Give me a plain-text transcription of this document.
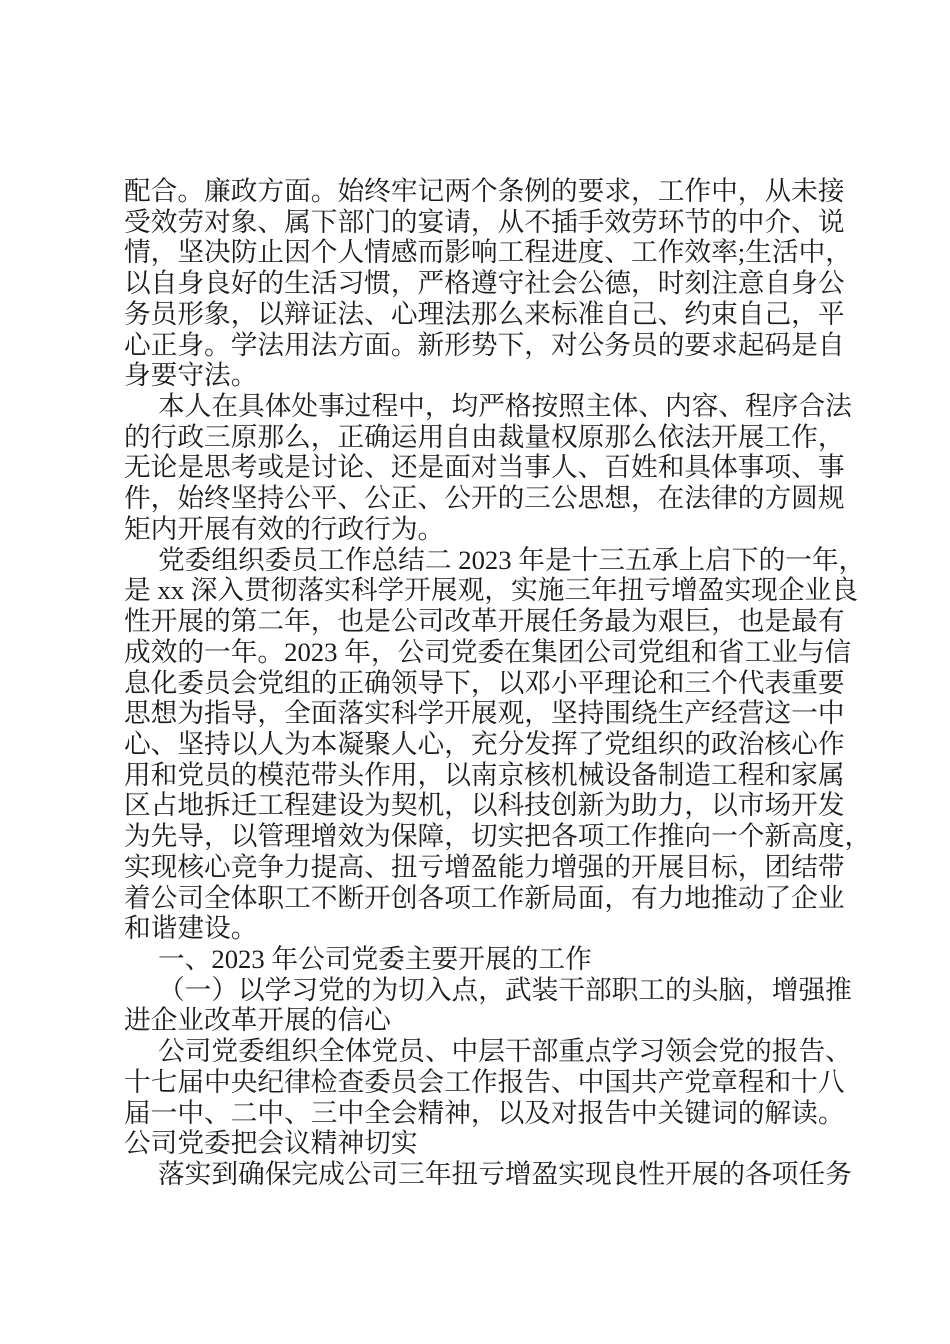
配合。廉政方面。始终牢记两个条例的要求，工作中，从未接
受效劳对象、属下部门的宴请，从不插手效劳环节的中介、说
情，坚决防止因个人情感而影响工程进度、工作效率;生活中，
以自身良好的生活习惯，严格遵守社会公德，时刻注意自身公
务员形象，以辩证法、心理法那么来标准自己、约束自己，平
心正身。学法用法方面。新形势下，对公务员的要求起码是自
身要守法。
本人在具体处事过程中，均严格按照主体、内容、程序合法
的行政三原那么，正确运用自由裁量权原那么依法开展工作，
无论是思考或是讨论、还是面对当事人、百姓和具体事项、事
件，始终坚持公平、公正、公开的三公思想，在法律的方圆规
矩内开展有效的行政行为。
党委组织委员工作总结二 2023 年是十三五承上启下的一年，
是 xx 深入贯彻落实科学开展观，实施三年扭亏增盈实现企业良
性开展的第二年，也是公司改革开展任务最为艰巨，也是最有
成效的一年。2023 年，公司党委在集团公司党组和省工业与信
息化委员会党组的正确领导下，以邓小平理论和三个代表重要
思想为指导，全面落实科学开展观，坚持围绕生产经营这一中
心、坚持以人为本凝聚人心，充分发挥了党组织的政治核心作
用和党员的模范带头作用，以南京核机械设备制造工程和家属
区占地拆迁工程建设为契机，以科技创新为助力，以市场开发
为先导，以管理增效为保障，切实把各项工作推向一个新高度，
实现核心竞争力提高、扭亏增盈能力增强的开展目标，团结带
着公司全体职工不断开创各项工作新局面，有力地推动了企业
和谐建设。
一、2023 年公司党委主要开展的工作
（一）以学习党的为切入点，武装干部职工的头脑，增强推
进企业改革开展的信心
公司党委组织全体党员、中层干部重点学习领会党的报告、
十七届中央纪律检查委员会工作报告、中国共产党章程和十八
届一中、二中、三中全会精神，以及对报告中关键词的解读。
公司党委把会议精神切实
落实到确保完成公司三年扭亏增盈实现良性开展的各项任务
